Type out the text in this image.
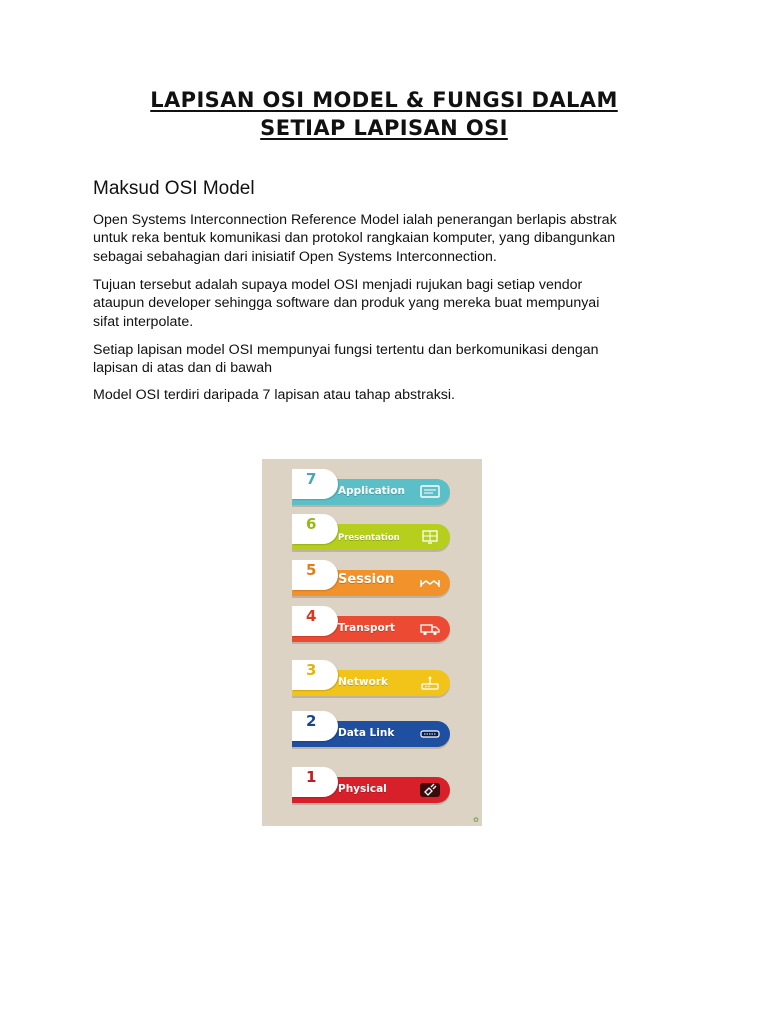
LAPISAN OSI MODEL & FUNGSI DALAM
SETIAP LAPISAN OSI
Maksud OSI Model
Open Systems Interconnection Reference Model ialah penerangan berlapis abstrak
untuk reka bentuk komunikasi dan protokol rangkaian komputer, yang dibangunkan
sebagai sebahagian dari inisiatif Open Systems Interconnection.
Tujuan tersebut adalah supaya model OSI menjadi rujukan bagi setiap vendor
ataupun developer sehingga software dan produk yang mereka buat mempunyai
sifat interpolate.
Setiap lapisan model OSI mempunyai fungsi tertentu dan berkomunikasi dengan
lapisan di atas dan di bawah
Model OSI terdiri daripada 7 lapisan atau tahap abstraksi.
✿
7
Application
6
Presentation
5
Session
4
Transport
3
Network
2
Data Link
1
Physical
